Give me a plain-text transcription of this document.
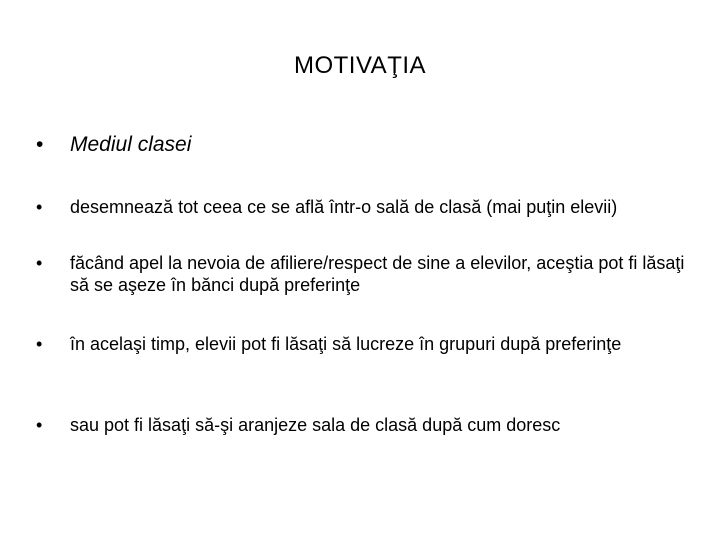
MOTIVAŢIA
•	Mediul clasei
•	desemnează tot ceea ce se află într-o sală de clasă (mai puţin elevii)
•	făcând apel la nevoia de afiliere/respect de sine a elevilor, aceştia pot fi lăsaţi să se aşeze în bănci după preferinţe
•	în acelaşi timp, elevii pot fi lăsaţi să lucreze în grupuri după preferinţe
•	sau pot fi lăsaţi să-şi aranjeze sala de clasă după cum doresc
